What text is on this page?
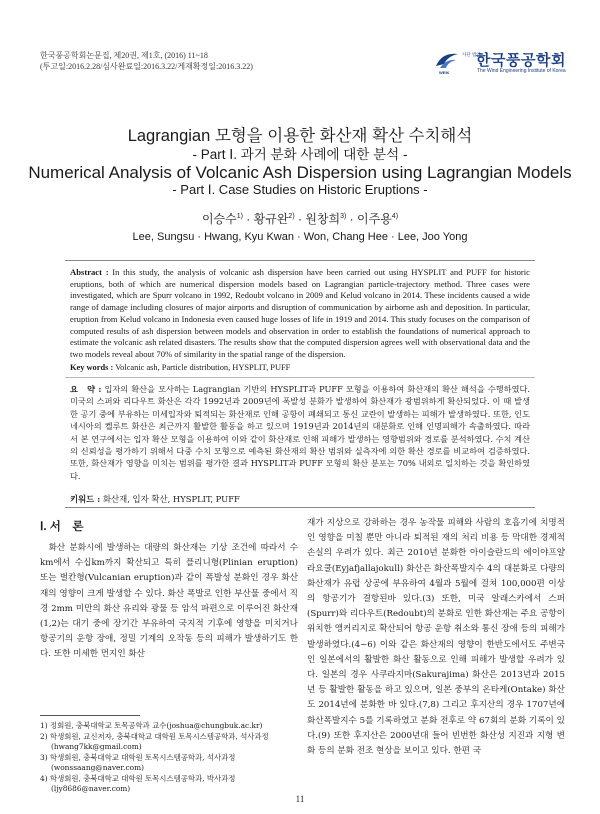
한국풍공학회논문집, 제20권, 제1호, (2016) 11~18
(투고일:2016.2.28/심사완료일:2016.3.22/게재확정일:2016.3.22)
사단 법인
한국풍공학회
WEIK	The Wind Engineering Institute of Korea
Lagrangian 모형을 이용한 화산재 확산 수치해석
- Part Ⅰ. 과거 분화 사례에 대한 분석 -
Numerical Analysis of Volcanic Ash Dispersion using Lagrangian Models
- Part Ⅰ. Case Studies on Historic Eruptions -
이승수$^{1)}$ · 황규완$^{2)}$ · 원창희$^{3)}$ · 이주용$^{4)}$
Lee, Sungsu · Hwang, Kyu Kwan · Won, Chang Hee · Lee, Joo Yong
Abstract : In this study, the analysis of volcanic ash dispersion have been carried out using HYSPLIT and PUFF for historic eruptions, both of which are numerical dispersion models based on Lagrangian particle-trajectory method. Three cases were investigated, which are Spurr volcano in 1992, Redoubt volcano in 2009 and Kelud volcano in 2014. These incidents caused a wide range of damage including closures of major airports and disruption of communication by airborne ash and deposition. In particular, eruption from Kelud volcano in Indonesia even caused huge losses of life in 1919 and 2014. This study focuses on the comparison of computed results of ash dispersion between models and observation in order to establish the foundations of numerical approach to estimate the volcanic ash related disasters. The results show that the computed dispersion agrees well with observational data and the two models reveal about 70% of similarity in the spatial range of the dispersion.
Key words : Volcanic ash, Particle distribution, HYSPLIT, PUFF
요　약 : 입자의 확산을 모사하는 Lagrangian 기반의 HYSPLIT과 PUFF 모형을 이용하여 화산재의 확산 해석을 수행하였다. 미국의 스퍼와 리다우트 화산은 각각 1992년과 2009년에 폭발성 분화가 발생하여 화산재가 광범위하게 확산되었다. 이 때 발생한 공기 중에 부유하는 미세입자와 퇴적되는 화산재로 인해 공항이 폐쇄되고 통신 교란이 발생하는 피해가 발생하였다. 또한, 인도네시아의 켈루트 화산은 최근까지 활발한 활동을 하고 있으며 1919년과 2014년의 대분화로 인해 인명피해가 속출하였다. 따라서 본 연구에서는 입자 확산 모형을 이용하여 이와 같이 화산재로 인해 피해가 발생하는 영향범위와 경로를 분석하였다. 수치 계산의 신뢰성을 평가하기 위해서 다중 수치 모형으로 예측된 화산재의 확산 범위와 실측자에 의한 확산 경로를 비교하여 검증하였다. 또한, 화산재가 영향을 미치는 범위를 평가한 결과 HYSPLIT과 PUFF 모형의 확산 분포는 70% 내외로 일치하는 것을 확인하였다.
키워드 : 화산재, 입자 확산, HYSPLIT, PUFF
Ⅰ. 서　론
화산 분화시에 발생하는 대량의 화산재는 기상 조건에 따라서 수km에서 수십km까지 확산되고 특히 플리니형(Plinian eruption) 또는 벌칸형(Vulcanian eruption)과 같이 폭발성 분화인 경우 화산재의 영향이 크게 발생할 수 있다. 화산 폭발로 인한 부산물 중에서 직경 2mm 미만의 화산 유리와 광물 등 암석 파편으로 이루어진 화산재(1,2)는 대기 중에 장기간 부유하여 국지적 기후에 영향을 미치거나 항공기의 운항 장애, 정밀 기계의 오작동 등의 피해가 발생하기도 한다. 또한 미세한 먼지인 화산
재가 지상으로 강하하는 경우 농작물 피해와 사람의 호흡기에 치명적인 영향을 미칠 뿐만 아니라 퇴적된 재의 처리 비용 등 막대한 경제적 손실의 우려가 있다. 최근 2010년 분화한 아이슬란드의 에이야프얄라요쿨(Eyjafjallajokull) 화산은 화산폭발지수 4의 대분화로 다량의 화산재가 유럽 상공에 부유하여 4월과 5월에 걸쳐 100,000편 이상의 항공기가 결항된바 있다.(3) 또한, 미국 알래스카에서 스퍼(Spurr)와 리다우트(Redoubt)의 분화로 인한 화산재는 주요 공항이 위치한 앵커리지로 확산되어 항공 운항 취소와 통신 장애 등의 피해가 발생하였다.(4~6) 이와 같은 화산재의 영향이 한반도에서도 주변국인 일본에서의 활발한 화산 활동으로 인해 피해가 발생할 우려가 있다. 일본의 경우 사쿠라지마(Sakurajima) 화산은 2013년과 2015년 등 활발한 활동을 하고 있으며, 일본 중부의 온타케(Ontake) 화산도 2014년에 분화한 바 있다.(7,8) 그리고 후지산의 경우 1707년에 화산폭발지수 5를 기록하였고 분화 전후로 약 67회의 분화 기록이 있다.(9) 또한 후지산은 2000년대 들어 빈번한 화산성 지진과 지형 변화 등의 분화 전조 현상을 보이고 있다. 한편 국
1) 정회원, 충북대학교 토목공학과 교수(joshua@chungbuk.ac.kr)
2) 학생회원, 교신저자, 충북대학교 대학원 토목시스템공학과, 석사과정 (hwang7kk@gmail.com)
3) 학생회원, 충북대학교 대학원 토목시스템공학과, 석사과정 (wonssaang@naver.com)
4) 학생회원, 충북대학교 대학원 토목시스템공학과, 박사과정 (ljy8686@naver.com)
11
